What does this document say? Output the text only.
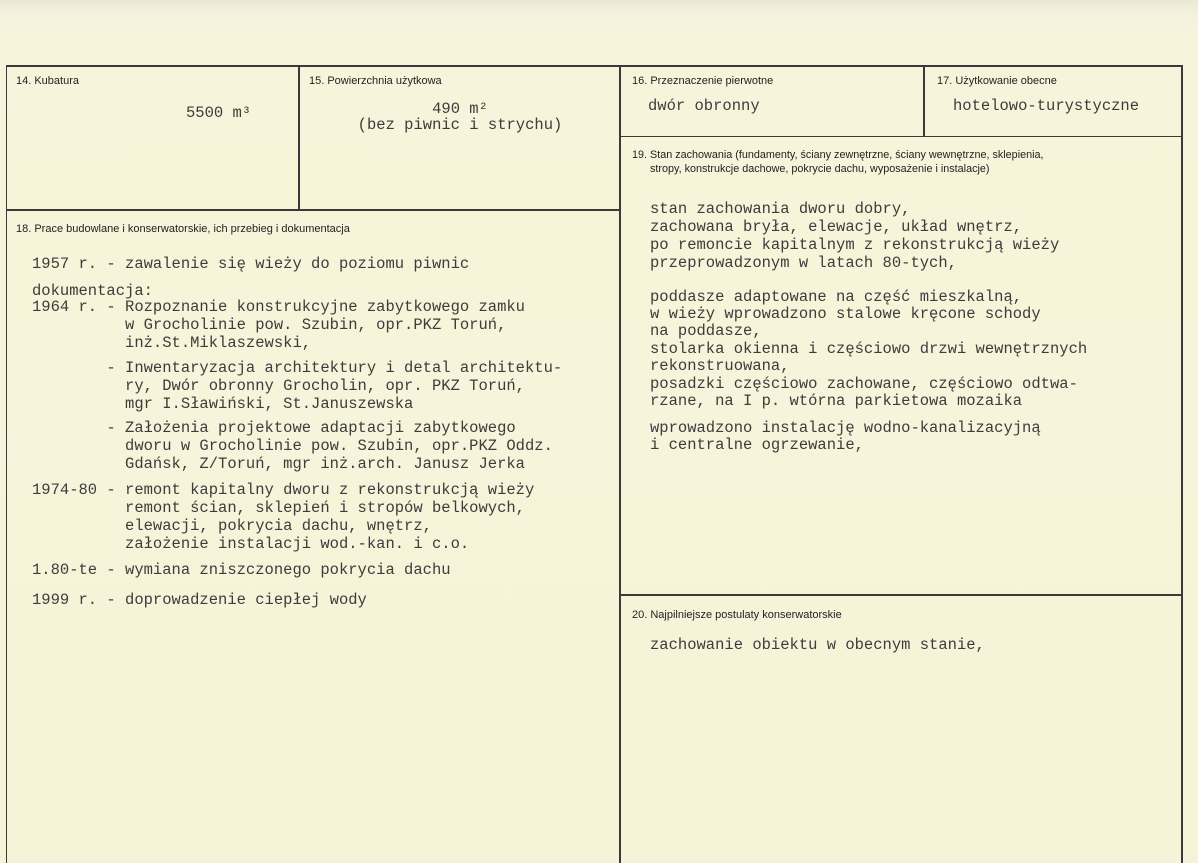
14. Kubatura
5500 m³
15. Powierzchnia użytkowa
490 m²
(bez piwnic i strychu)
16. Przeznaczenie pierwotne
dwór obronny
17. Użytkowanie obecne
hotelowo-turystyczne
19. Stan zachowania (fundamenty, ściany zewnętrzne, ściany wewnętrzne, sklepienia,
stropy, konstrukcje dachowe, pokrycie dachu, wyposażenie i instalacje)

stan zachowania dworu dobry,

zachowana bryła, elewacje, układ wnętrz,

po remoncie kapitalnym z rekonstrukcją wieży

przeprowadzonym w latach 80-tych,

poddasze adaptowane na część mieszkalną,

w wieży wprowadzono stalowe kręcone schody

na poddasze,

stolarka okienna i częściowo drzwi wewnętrznych

rekonstruowana,

posadzki częściowo zachowane, częściowo odtwa-

rzane, na I p. wtórna parkietowa mozaika

wprowadzono instalację wodno-kanalizacyjną

i centralne ogrzewanie,

18. Prace budowlane i konserwatorskie, ich przebieg i dokumentacja

1957 r. - zawalenie się wieży do poziomu piwnic

dokumentacja:

1964 r. - Rozpoznanie konstrukcyjne zabytkowego zamku

w Grocholinie pow. Szubin, opr.PKZ Toruń,

inż.St.Miklaszewski,

- Inwentaryzacja architektury i detal architektu-

ry, Dwór obronny Grocholin, opr. PKZ Toruń,

mgr I.Sławiński, St.Januszewska

- Założenia projektowe adaptacji zabytkowego

dworu w Grocholinie pow. Szubin, opr.PKZ Oddz.

Gdańsk, Z/Toruń, mgr inż.arch. Janusz Jerka

1974-80 - remont kapitalny dworu z rekonstrukcją wieży

remont ścian, sklepień i stropów belkowych,

elewacji, pokrycia dachu, wnętrz,

założenie instalacji wod.-kan. i c.o.

1.80-te - wymiana zniszczonego pokrycia dachu

1999 r. - doprowadzenie ciepłej wody

20. Najpilniejsze postulaty konserwatorskie
zachowanie obiektu w obecnym stanie,
